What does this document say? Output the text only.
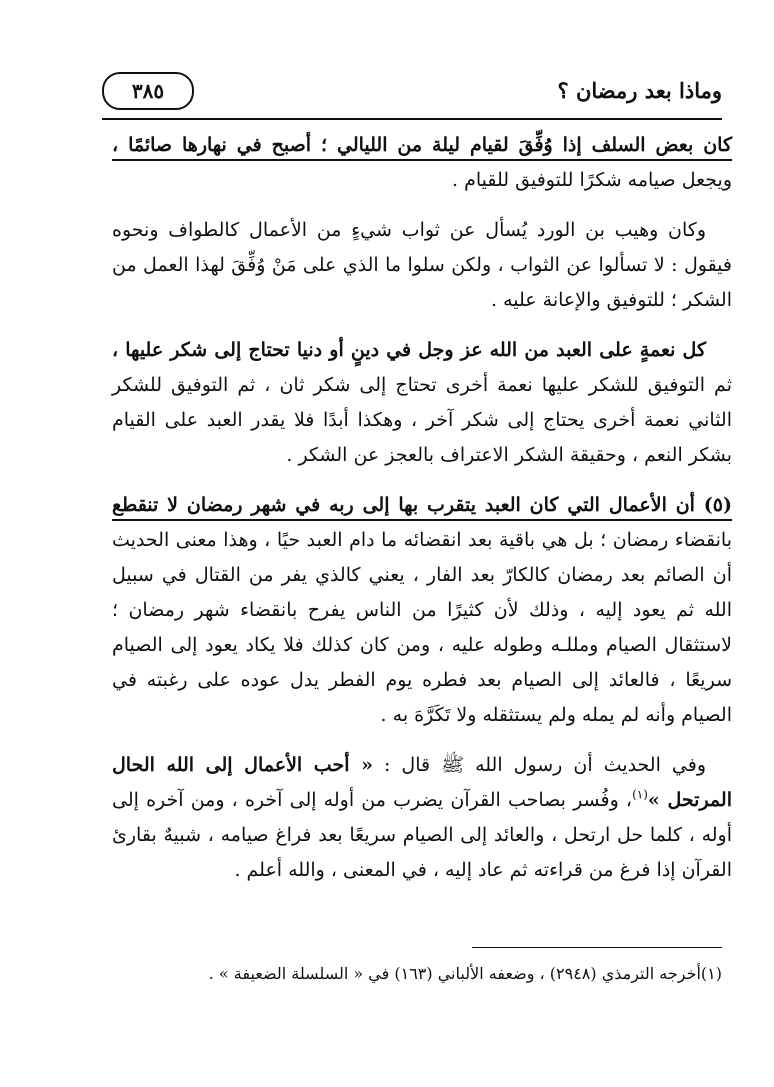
وماذا بعد رمضان ؟
٣٨٥

كان بعض السلف إذا وُفِّقَ لقيام ليلة من الليالي ؛ أصبح في نهارها صائمًا ، ويجعل صيامه شكرًا للتوفيق للقيام .

وكان وهيب بن الورد يُسأل عن ثواب شيءٍ من الأعمال كالطواف ونحوه فيقول : لا تسألوا عن الثواب ، ولكن سلوا ما الذي على مَنْ وُفِّقَ لهذا العمل من الشكر ؛ للتوفيق والإعانة عليه .

كل نعمةٍ على العبد من الله عز وجل في دينٍ أو دنيا تحتاج إلى شكر عليها ، ثم التوفيق للشكر عليها نعمة أخرى تحتاج إلى شكر ثان ، ثم التوفيق للشكر الثاني نعمة أخرى يحتاج إلى شكر آخر ، وهكذا أبدًا فلا يقدر العبد على القيام بشكر النعم ، وحقيقة الشكر الاعتراف بالعجز عن الشكر .

(٥) أن الأعمال التي كان العبد يتقرب بها إلى ربه في شهر رمضان لا تنقطع بانقضاء رمضان ؛ بل هي باقية بعد انقضائه ما دام العبد حيًا ، وهذا معنى الحديث أن الصائم بعد رمضان كالكارّ بعد الفار ، يعني كالذي يفر من القتال في سبيل الله ثم يعود إليه ، وذلك لأن كثيرًا من الناس يفرح بانقضاء شهر رمضان ؛ لاستثقال الصيام ومللـه وطوله عليه ، ومن كان كذلك فلا يكاد يعود إلى الصيام سريعًا ، فالعائد إلى الصيام بعد فطره يوم الفطر يدل عوده على رغبته في الصيام وأنه لم يمله ولم يستثقله ولا تَكَرَّهَ به .

وفي الحديث أن رسول الله ﷺ قال : « أحب الأعمال إلى الله الحال المرتحل »$^{(١)}$، وفُسر بصاحب القرآن يضرب من أوله إلى آخره ، ومن آخره إلى أوله ، كلما حل ارتحل ، والعائد إلى الصيام سريعًا بعد فراغ صيامه ، شبيهٌ بقارئ القرآن إذا فرغ من قراءته ثم عاد إليه ، في المعنى ، والله أعلم .

(١)أخرجه الترمذي (٢٩٤٨) ، وضعفه الألباني (١٦٣) في « السلسلة الضعيفة » .
